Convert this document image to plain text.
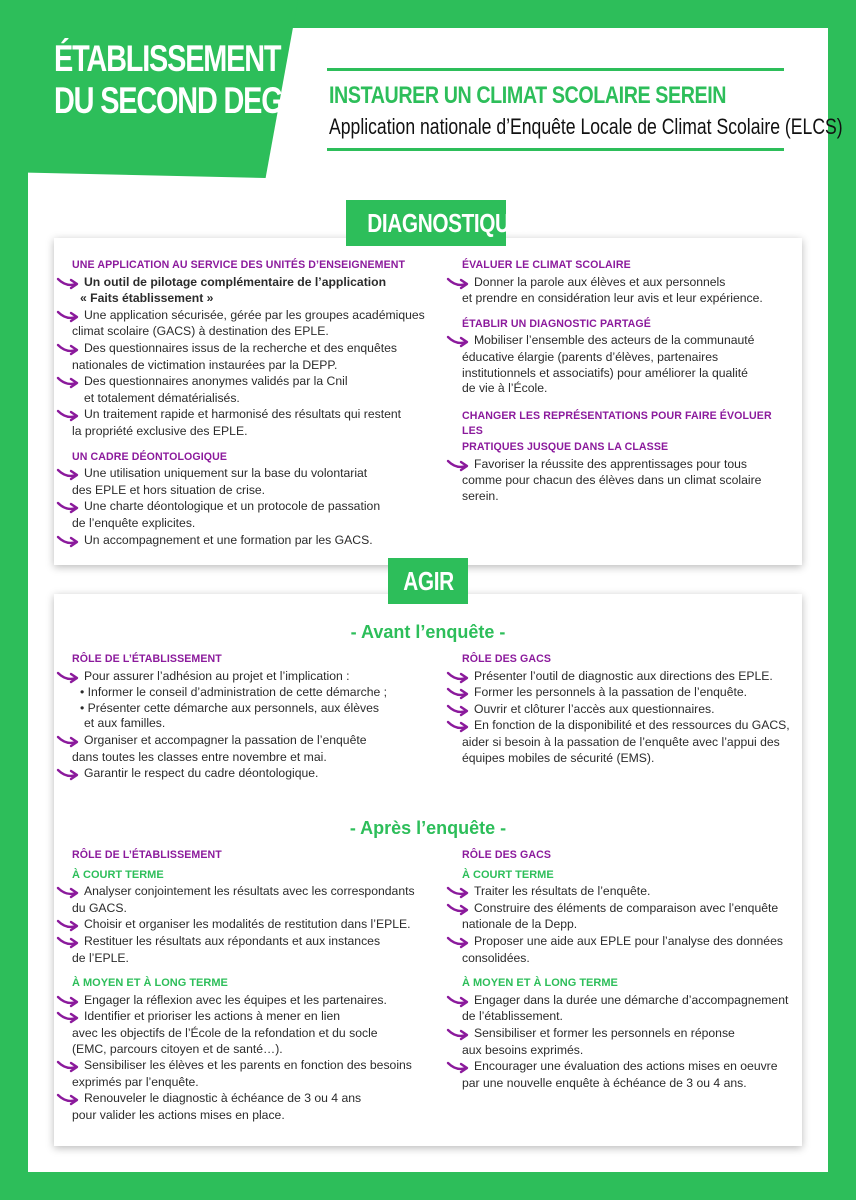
UNE APPLICATION AU SERVICE DES UNITÉS D’ENSEIGNEMENT
Un outil de pilotage complémentaire de l’application
« Faits établissement »
Une application sécurisée, gérée par les groupes académiques
climat scolaire (GACS) à destination des EPLE.
Des questionnaires issus de la recherche et des enquêtes
nationales de victimation instaurées par la DEPP.
Des questionnaires anonymes validés par la Cnil
et totalement dématérialisés.
Un traitement rapide et harmonisé des résultats qui restent
la propriété exclusive des EPLE.
UN CADRE DÉONTOLOGIQUE
Une utilisation uniquement sur la base du volontariat
des EPLE et hors situation de crise.
Une charte déontologique et un protocole de passation
de l’enquête explicites.
Un accompagnement et une formation par les GACS.
ÉVALUER LE CLIMAT SCOLAIRE
Donner la parole aux élèves et aux personnels
et prendre en considération leur avis et leur expérience.
ÉTABLIR UN DIAGNOSTIC PARTAGÉ
Mobiliser l’ensemble des acteurs de la communauté
éducative élargie (parents d’élèves, partenaires
institutionnels et associatifs) pour améliorer la qualité
de vie à l’École.
CHANGER LES REPRÉSENTATIONS POUR FAIRE ÉVOLUER LES
PRATIQUES JUSQUE DANS LA CLASSE
Favoriser la réussite des apprentissages pour tous
comme pour chacun des élèves dans un climat scolaire
serein.
- Avant l’enquête -
RÔLE DE L’ÉTABLISSEMENT
Pour assurer l’adhésion au projet et l’implication :
• Informer le conseil d’administration de cette démarche ;
• Présenter cette démarche aux personnels, aux élèves
et aux familles.
Organiser et accompagner la passation de l’enquête
dans toutes les classes entre novembre et mai.
Garantir le respect du cadre déontologique.
RÔLE DES GACS
Présenter l’outil de diagnostic aux directions des EPLE.
Former les personnels à la passation de l’enquête.
Ouvrir et clôturer l’accès aux questionnaires.
En fonction de la disponibilité et des ressources du GACS,
aider si besoin à la passation de l’enquête avec l’appui des
équipes mobiles de sécurité (EMS).
- Après l’enquête -
RÔLE DE L’ÉTABLISSEMENT
À COURT TERME
Analyser conjointement les résultats avec les correspondants
du GACS.
Choisir et organiser les modalités de restitution dans l’EPLE.
Restituer les résultats aux répondants et aux instances
de l’EPLE.
À MOYEN ET À LONG TERME
Engager la réflexion avec les équipes et les partenaires.
Identifier et prioriser les actions à mener en lien
avec les objectifs de l’École de la refondation et du socle
(EMC, parcours citoyen et de santé…).
Sensibiliser les élèves et les parents en fonction des besoins
exprimés par l’enquête.
Renouveler le diagnostic à échéance de 3 ou 4 ans
pour valider les actions mises en place.
RÔLE DES GACS
À COURT TERME
Traiter les résultats de l’enquête.
Construire des éléments de comparaison avec l’enquête
nationale de la Depp.
Proposer une aide aux EPLE pour l’analyse des données
consolidées.
À MOYEN ET À LONG TERME
Engager dans la durée une démarche d’accompagnement
de l’établissement.
Sensibiliser et former les personnels en réponse
aux besoins exprimés.
Encourager une évaluation des actions mises en oeuvre
par une nouvelle enquête à échéance de 3 ou 4 ans.
ÉTABLISSEMENT
DU SECOND DEGRÉ INSTAURER UN CLIMAT SCOLAIRE SEREIN
Application nationale d’Enquête Locale de Climat Scolaire (ELCS)
DIAGNOSTIQUER
AGIR
